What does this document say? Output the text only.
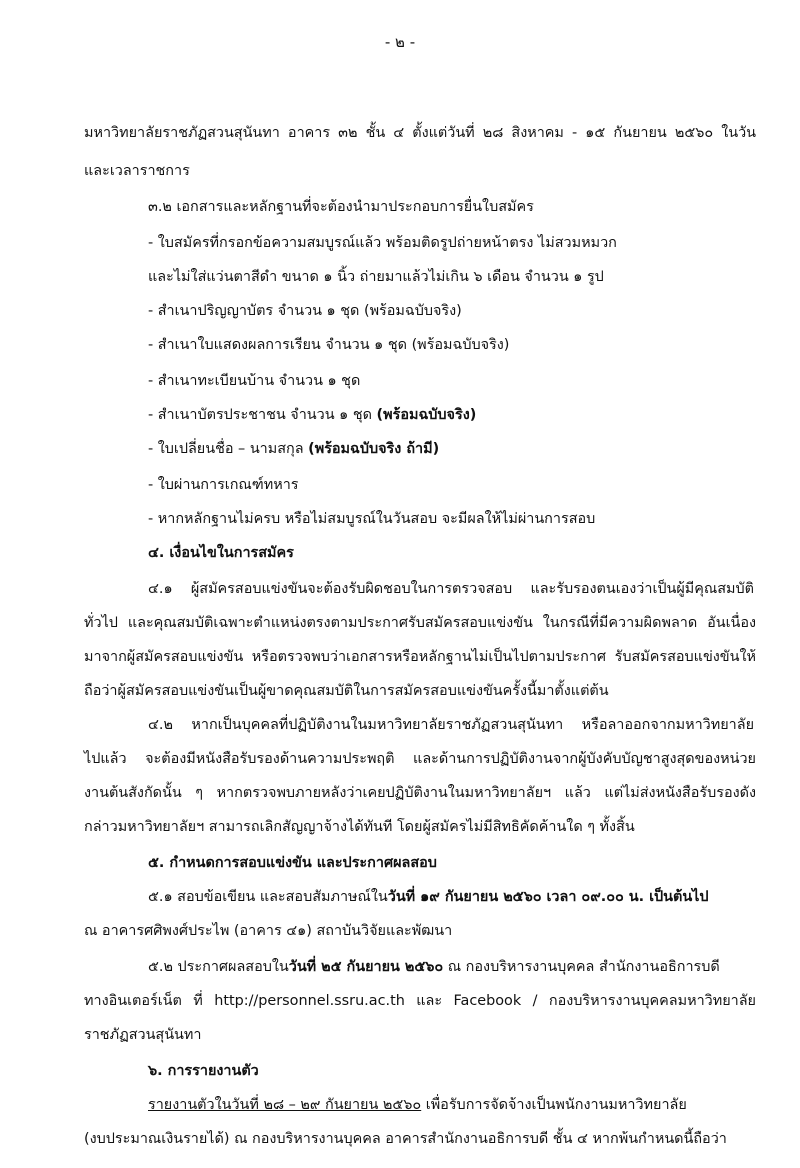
- ๒ -
มหาวิทยาลัยราชภัฏสวนสุนันทา อาคาร ๓๒ ชั้น ๔ ตั้งแต่วันที่ ๒๘ สิงหาคม - ๑๕ กันยายน ๒๕๖๐ ในวัน
และเวลาราชการ
๓.๒ เอกสารและหลักฐานที่จะต้องนำมาประกอบการยื่นใบสมัคร
- ใบสมัครที่กรอกข้อความสมบูรณ์แล้ว พร้อมติดรูปถ่ายหน้าตรง ไม่สวมหมวก
และไม่ใส่แว่นตาสีดำ ขนาด ๑ นิ้ว ถ่ายมาแล้วไม่เกิน ๖ เดือน จำนวน ๑ รูป
- สำเนาปริญญาบัตร จำนวน ๑ ชุด (พร้อมฉบับจริง)
- สำเนาใบแสดงผลการเรียน จำนวน ๑ ชุด (พร้อมฉบับจริง)
- สำเนาทะเบียนบ้าน จำนวน ๑ ชุด
- สำเนาบัตรประชาชน จำนวน ๑ ชุด (พร้อมฉบับจริง)
- ใบเปลี่ยนชื่อ – นามสกุล (พร้อมฉบับจริง ถ้ามี)
- ใบผ่านการเกณฑ์ทหาร
- หากหลักฐานไม่ครบ หรือไม่สมบูรณ์ในวันสอบ จะมีผลให้ไม่ผ่านการสอบ
๔. เงื่อนไขในการสมัคร
๔.๑ ผู้สมัครสอบแข่งขันจะต้องรับผิดชอบในการตรวจสอบ และรับรองตนเองว่าเป็นผู้มีคุณสมบัติ
ทั่วไป และคุณสมบัติเฉพาะตำแหน่งตรงตามประกาศรับสมัครสอบแข่งขัน ในกรณีที่มีความผิดพลาด อันเนื่อง
มาจากผู้สมัครสอบแข่งขัน หรือตรวจพบว่าเอกสารหรือหลักฐานไม่เป็นไปตามประกาศ รับสมัครสอบแข่งขันให้
ถือว่าผู้สมัครสอบแข่งขันเป็นผู้ขาดคุณสมบัติในการสมัครสอบแข่งขันครั้งนี้มาตั้งแต่ต้น
๔.๒ หากเป็นบุคคลที่ปฏิบัติงานในมหาวิทยาลัยราชภัฏสวนสุนันทา หรือลาออกจากมหาวิทยาลัย
ไปแล้ว จะต้องมีหนังสือรับรองด้านความประพฤติ และด้านการปฏิบัติงานจากผู้บังคับบัญชาสูงสุดของหน่วย
งานต้นสังกัดนั้น ๆ หากตรวจพบภายหลังว่าเคยปฏิบัติงานในมหาวิทยาลัยฯ แล้ว แต่ไม่ส่งหนังสือรับรองดัง
กล่าวมหาวิทยาลัยฯ สามารถเลิกสัญญาจ้างได้ทันที โดยผู้สมัครไม่มีสิทธิคัดค้านใด ๆ ทั้งสิ้น
๕. กำหนดการสอบแข่งขัน และประกาศผลสอบ
๕.๑ สอบข้อเขียน และสอบสัมภาษณ์ในวันที่ ๑๙ กันยายน ๒๕๖๐ เวลา ๐๙.๐๐ น. เป็นต้นไป
ณ อาคารศศิพงศ์ประไพ (อาคาร ๔๑) สถาบันวิจัยและพัฒนา
๕.๒ ประกาศผลสอบในวันที่ ๒๕ กันยายน ๒๕๖๐ ณ กองบริหารงานบุคคล สำนักงานอธิการบดี
ทางอินเตอร์เน็ต ที่ http://personnel.ssru.ac.th และ Facebook / กองบริหารงานบุคคลมหาวิทยาลัย
ราชภัฏสวนสุนันทา
๖. การรายงานตัว
รายงานตัวในวันที่ ๒๘ – ๒๙ กันยายน ๒๕๖๐ เพื่อรับการจัดจ้างเป็นพนักงานมหาวิทยาลัย
(งบประมาณเงินรายได้) ณ กองบริหารงานบุคคล อาคารสำนักงานอธิการบดี ชั้น ๔ หากพ้นกำหนดนี้ถือว่า
